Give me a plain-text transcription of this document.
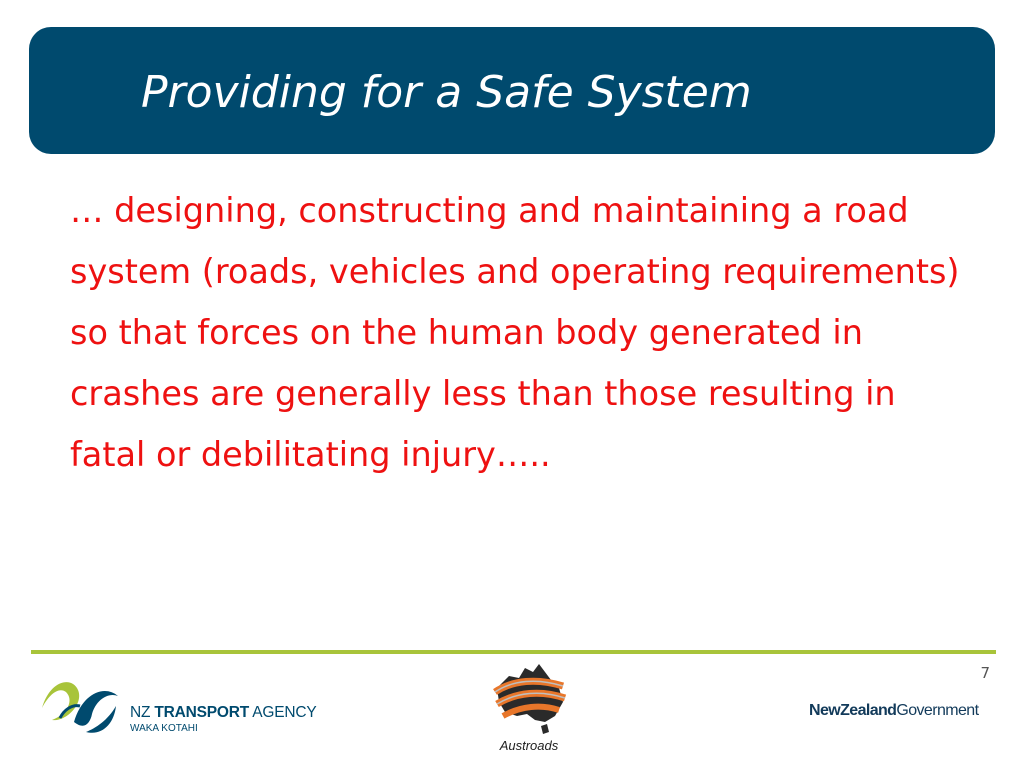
Providing for a Safe System

… designing, constructing and maintaining a road system (roads, vehicles and operating requirements) so that forces on the human body generated in crashes are generally less than those resulting in fatal or debilitating injury…..

7
NZ TRANSPORT AGENCY
WAKA KOTAHI
Austroads
NewZealandGovernment
